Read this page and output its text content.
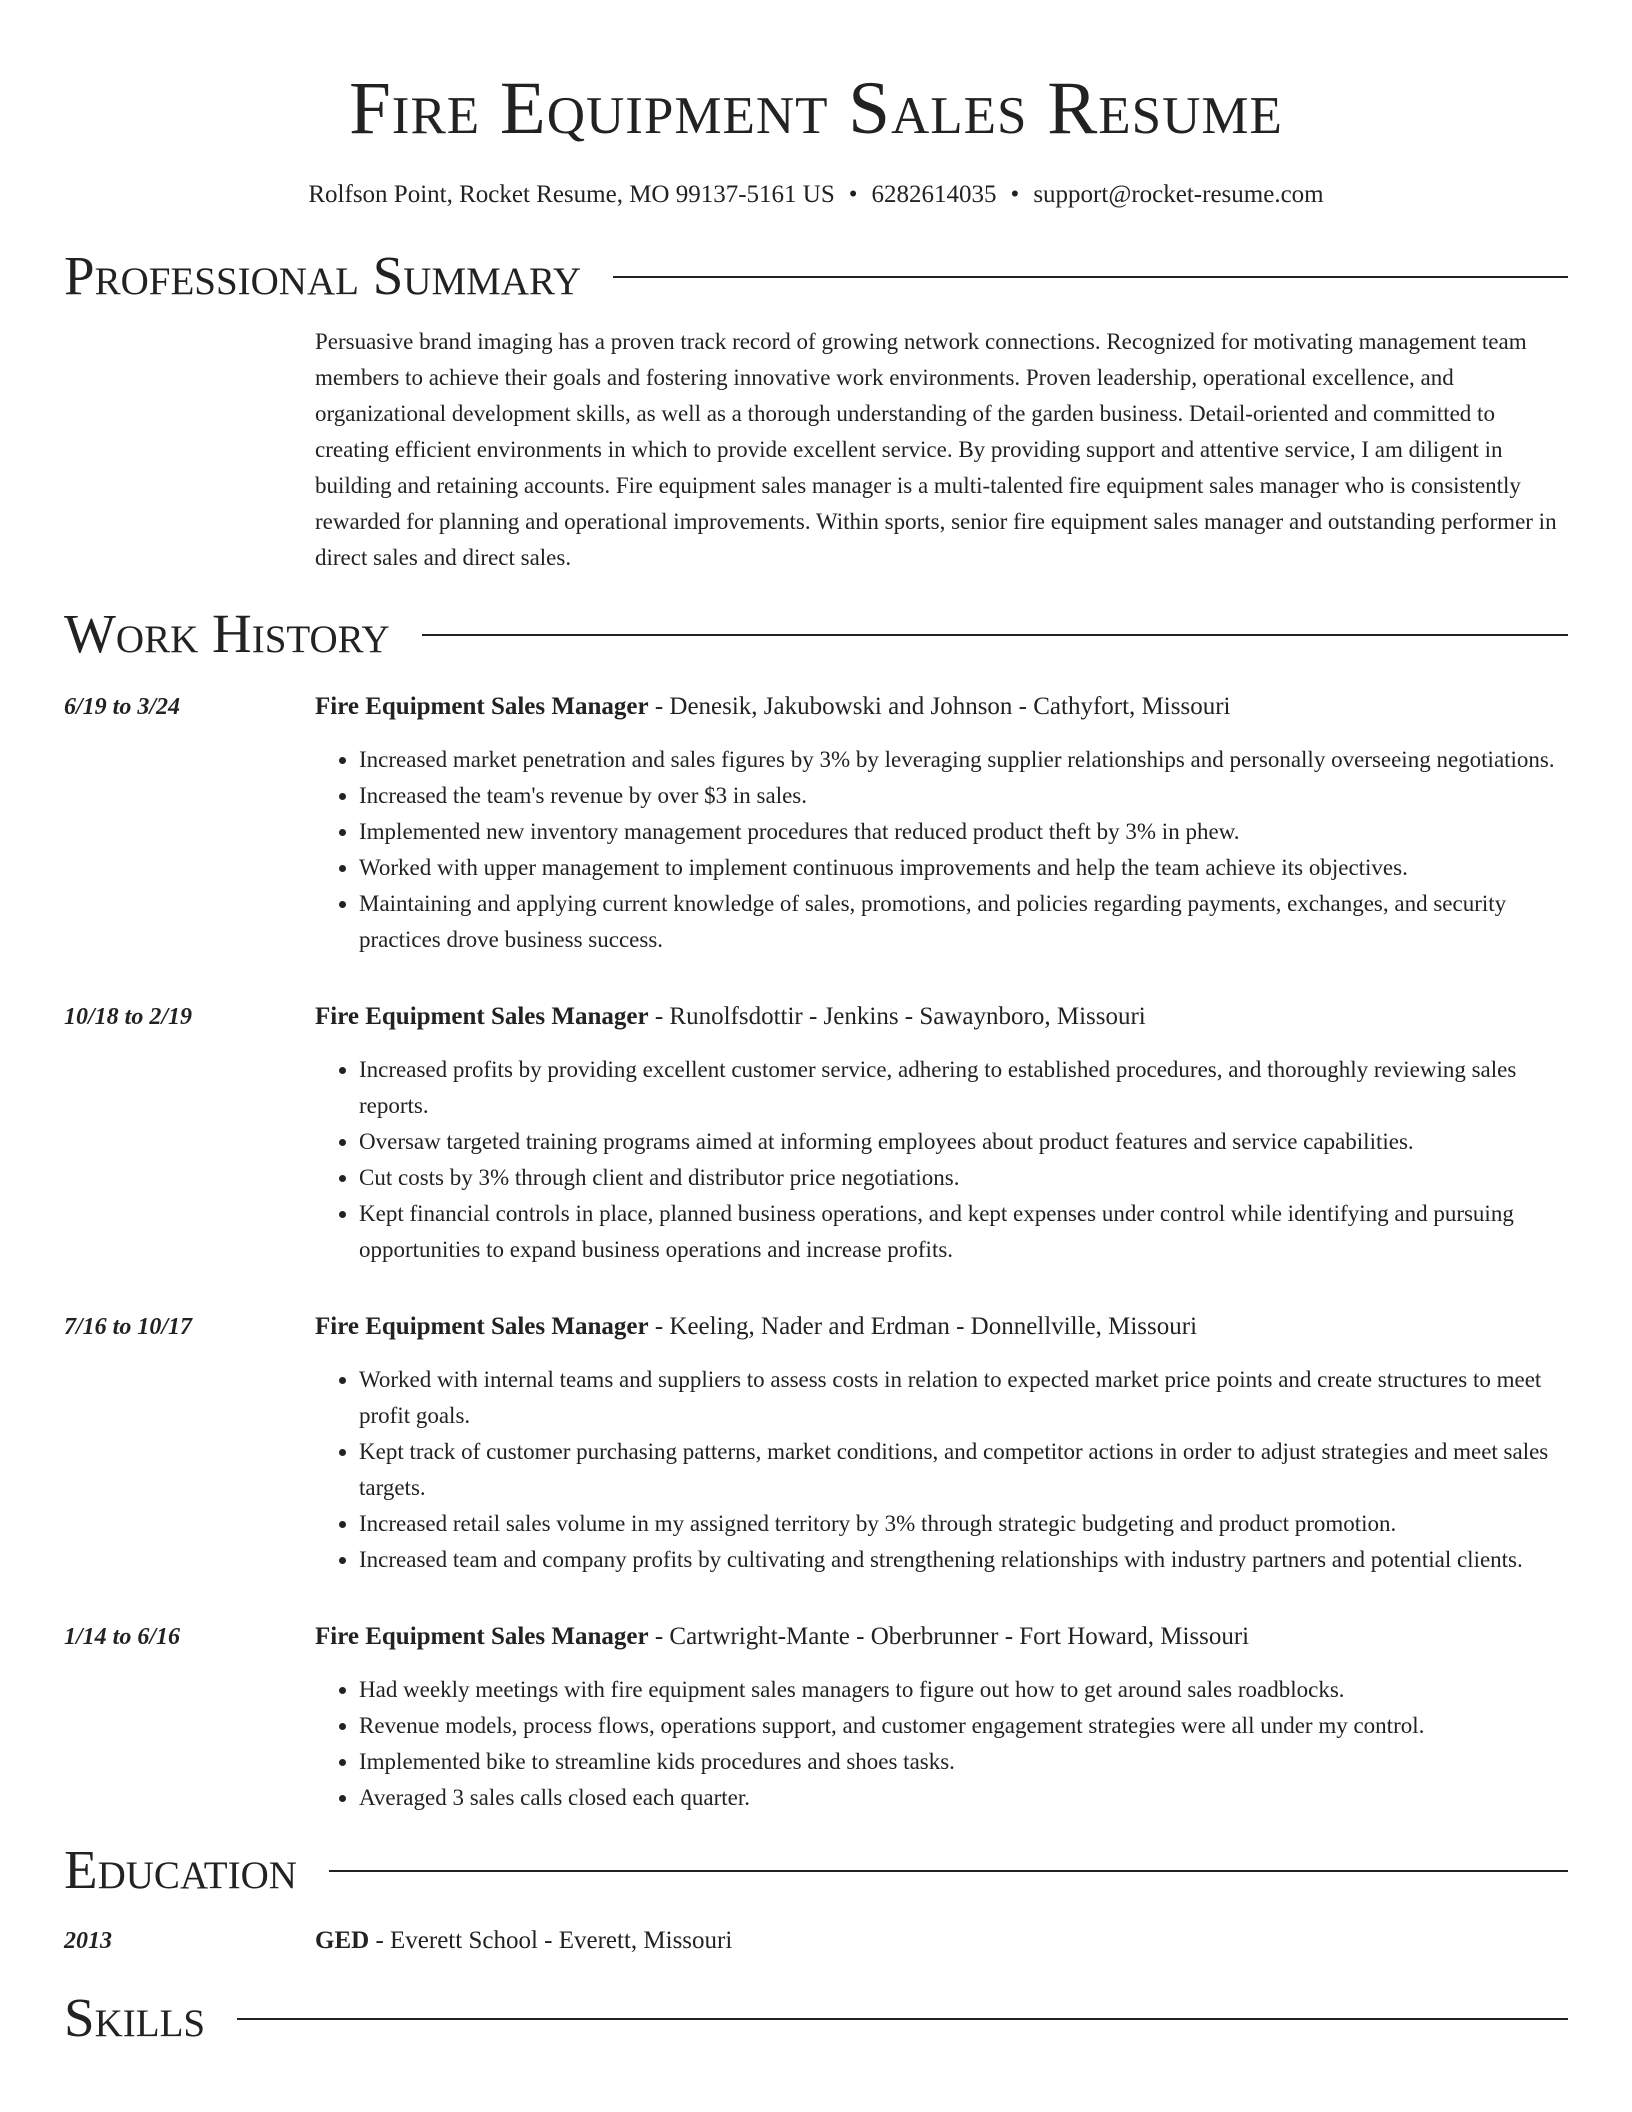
Fire Equipment Sales Resume
Rolfson Point, Rocket Resume, MO 99137-5161 US • 6282614035 • support@rocket-resume.com
Professional Summary
Persuasive brand imaging has a proven track record of growing network connections. Recognized for motivating management team members to achieve their goals and fostering innovative work environments. Proven leadership, operational excellence, and organizational development skills, as well as a thorough understanding of the garden business. Detail-oriented and committed to creating efficient environments in which to provide excellent service. By providing support and attentive service, I am diligent in building and retaining accounts. Fire equipment sales manager is a multi-talented fire equipment sales manager who is consistently rewarded for planning and operational improvements. Within sports, senior fire equipment sales manager and outstanding performer in direct sales and direct sales.
Work History
6/19 to 3/24	Fire Equipment Sales Manager - Denesik, Jakubowski and Johnson - Cathyfort, Missouri
• Increased market penetration and sales figures by 3% by leveraging supplier relationships and personally overseeing negotiations.
• Increased the team's revenue by over $3 in sales.
• Implemented new inventory management procedures that reduced product theft by 3% in phew.
• Worked with upper management to implement continuous improvements and help the team achieve its objectives.
• Maintaining and applying current knowledge of sales, promotions, and policies regarding payments, exchanges, and security practices drove business success.
10/18 to 2/19	Fire Equipment Sales Manager - Runolfsdottir - Jenkins - Sawaynboro, Missouri
• Increased profits by providing excellent customer service, adhering to established procedures, and thoroughly reviewing sales reports.
• Oversaw targeted training programs aimed at informing employees about product features and service capabilities.
• Cut costs by 3% through client and distributor price negotiations.
• Kept financial controls in place, planned business operations, and kept expenses under control while identifying and pursuing opportunities to expand business operations and increase profits.
7/16 to 10/17	Fire Equipment Sales Manager - Keeling, Nader and Erdman - Donnellville, Missouri
• Worked with internal teams and suppliers to assess costs in relation to expected market price points and create structures to meet profit goals.
• Kept track of customer purchasing patterns, market conditions, and competitor actions in order to adjust strategies and meet sales targets.
• Increased retail sales volume in my assigned territory by 3% through strategic budgeting and product promotion.
• Increased team and company profits by cultivating and strengthening relationships with industry partners and potential clients.
1/14 to 6/16	Fire Equipment Sales Manager - Cartwright-Mante - Oberbrunner - Fort Howard, Missouri
• Had weekly meetings with fire equipment sales managers to figure out how to get around sales roadblocks.
• Revenue models, process flows, operations support, and customer engagement strategies were all under my control.
• Implemented bike to streamline kids procedures and shoes tasks.
• Averaged 3 sales calls closed each quarter.
Education
2013	GED - Everett School - Everett, Missouri
Skills
